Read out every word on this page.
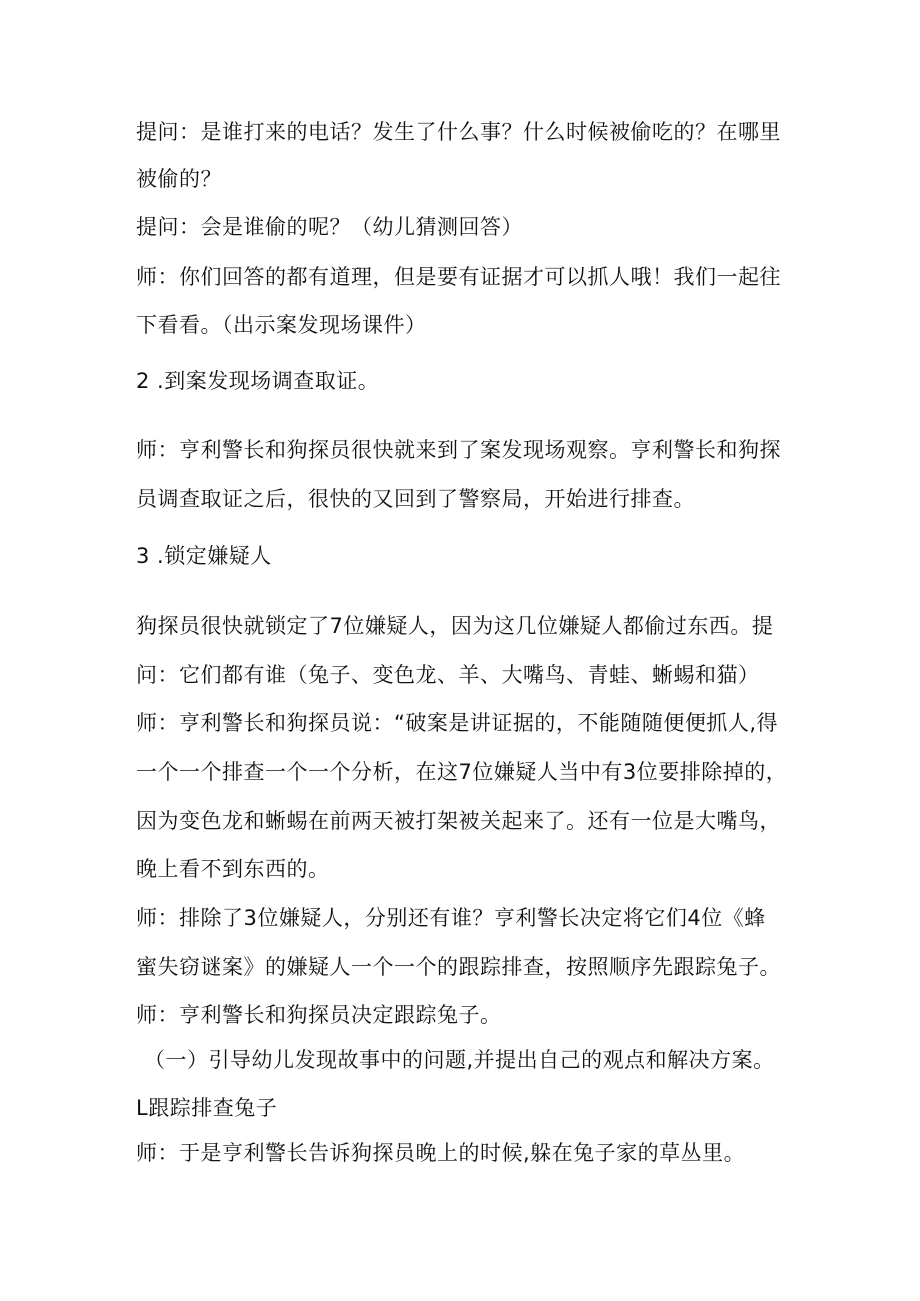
提问：是谁打来的电话？发生了什么事？什么时候被偷吃的？在哪里
被偷的？
提问：会是谁偷的呢？（幼儿猜测回答）
师：你们回答的都有道理，但是要有证据才可以抓人哦！我们一起往
下看看。（出示案发现场课件）
2 .到案发现场调查取证。
师：亨利警长和狗探员很快就来到了案发现场观察。亨利警长和狗探
员调查取证之后，很快的又回到了警察局，开始进行排查。
3 .锁定嫌疑人
狗探员很快就锁定了7位嫌疑人，因为这几位嫌疑人都偷过东西。提
问：它们都有谁（兔子、变色龙、羊、大嘴鸟、青蛙、蜥蜴和猫）
师：亨利警长和狗探员说：“破案是讲证据的，不能随随便便抓人,得
一个一个排查一个一个分析，在这7位嫌疑人当中有3位要排除掉的，
因为变色龙和蜥蜴在前两天被打架被关起来了。还有一位是大嘴鸟，
晚上看不到东西的。
师：排除了3位嫌疑人，分别还有谁？亨利警长决定将它们4位《蜂
蜜失窃谜案》的嫌疑人一个一个的跟踪排查，按照顺序先跟踪兔子。
师：亨利警长和狗探员决定跟踪兔子。
（一）引导幼儿发现故事中的问题,并提出自己的观点和解决方案。
L跟踪排查兔子
师：于是亨利警长告诉狗探员晚上的时候,躲在兔子家的草丛里。
